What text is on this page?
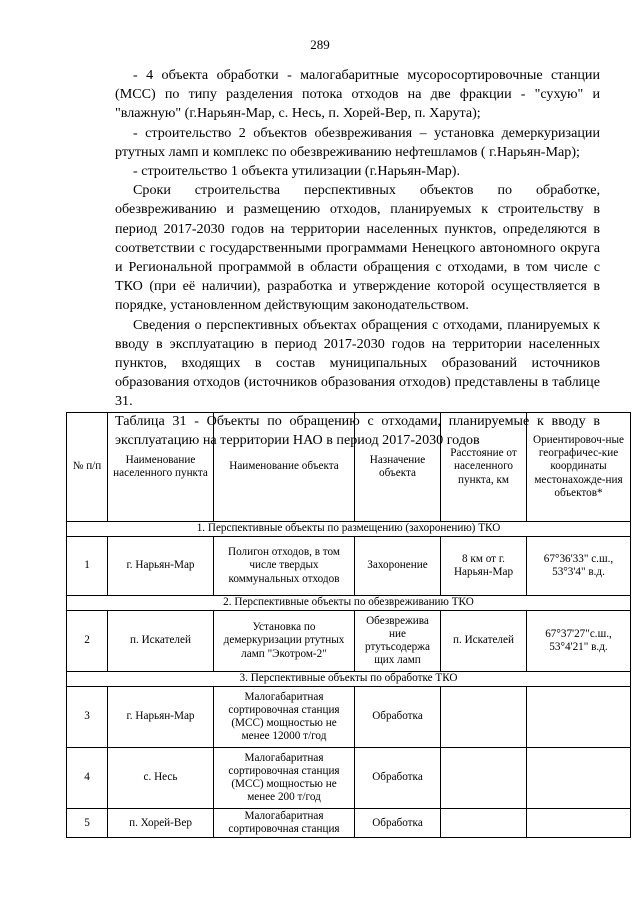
289

- 4 объекта обработки - малогабаритные мусоросортировочные станции (МСС) по типу разделения потока отходов на две фракции - "сухую" и "влажную" (г.Нарьян-Мар, с. Несь, п. Хорей-Вер, п. Харута);

- строительство 2 объектов обезвреживания – установка демеркуризации ртутных ламп и комплекс по обезвреживанию нефтешламов ( г.Нарьян-Мар);

- строительство 1 объекта утилизации (г.Нарьян-Мар).

Сроки строительства перспективных объектов по обработке, обезвреживанию и размещению отходов, планируемых к строительству в период 2017-2030 годов на территории населенных пунктов, определяются в соответствии с государственными программами Ненецкого автономного округа и Региональной программой в области обращения с отходами, в том числе с ТКО (при её наличии), разработка и утверждение которой осуществляется в порядке, установленном действующим законодательством.

Сведения о перспективных объектах обращения с отходами, планируемых к вводу в эксплуатацию в период 2017-2030 годов на территории населенных пунктов, входящих в состав муниципальных образований источников образования отходов (источников образования отходов) представлены в таблице 31.

Таблица 31 - Объекты по обращению с отходами, планируемые к вводу в эксплуатацию на территории НАО в период 2017-2030 годов

№ п/п	Наименование населенного пункта	Наименование объекта	Назначение объекта	Расстояние от населенного пункта, км	Ориентировоч-ные географичес-кие координаты местонахожде-ния объектов*
1. Перспективные объекты по размещению (захоронению) ТКО					
1	г. Нарьян-Мар	Полигон отходов, в том числе твердых коммунальных отходов	Захоронение	8 км от г. Нарьян-Мар	67°36'33" с.ш., 53°3'4" в.д.
2. Перспективные объекты по обезвреживанию ТКО					
2	п. Искателей	Установка по демеркуризации ртутных ламп "Экотром-2"	Обезврежива ние ртутьсодержа щих ламп	п. Искателей	67°37'27"с.ш., 53°4'21" в.д.
3. Перспективные объекты по обработке ТКО					
3	г. Нарьян-Мар	Малогабаритная сортировочная станция (МСС) мощностью не менее 12000 т/год	Обработка		
4	с. Несь	Малогабаритная сортировочная станция (МСС) мощностью не менее 200 т/год	Обработка		
5	п. Хорей-Вер	Малогабаритная сортировочная станция	Обработка		
